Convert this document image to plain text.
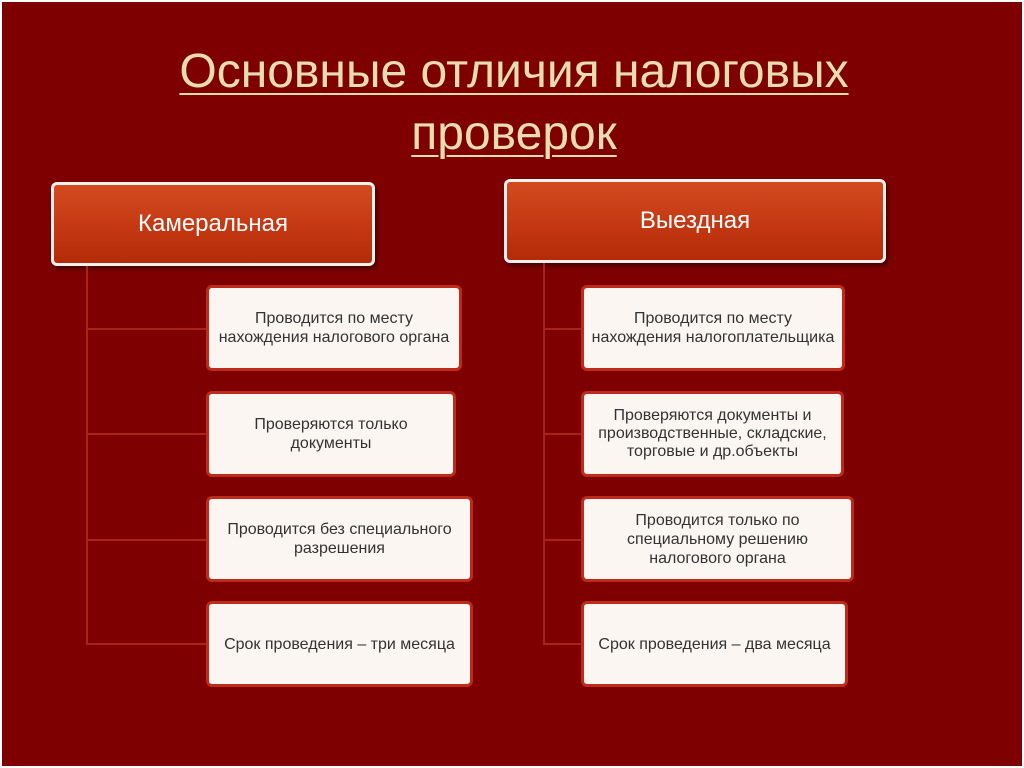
Основные отличия налоговых
проверок
Камеральная
Проводится по месту нахождения налогового органа
Проверяются только документы
Проводится без специального разрешения
Срок проведения – три месяца
Выездная
Проводится по месту нахождения налогоплательщика
Проверяются документы и производственные, складские, торговые и др.объекты
Проводится только по специальному решению налогового органа
Срок проведения – два месяца
